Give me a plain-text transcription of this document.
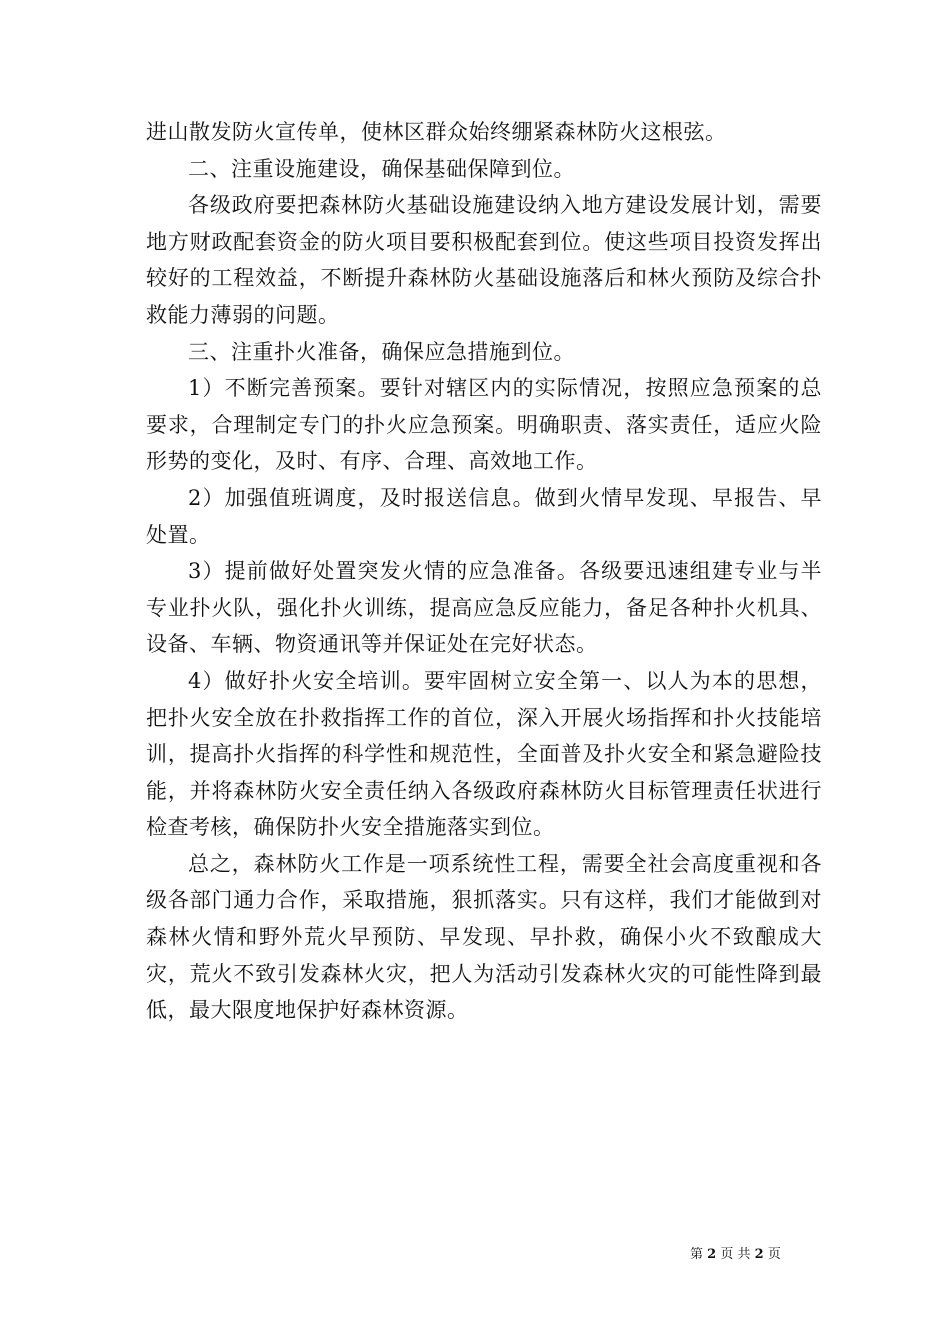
进山散发防火宣传单，使林区群众始终绷紧森林防火这根弦。

二、注重设施建设，确保基础保障到位。

各级政府要把森林防火基础设施建设纳入地方建设发展计划，需要地方财政配套资金的防火项目要积极配套到位。使这些项目投资发挥出较好的工程效益，不断提升森林防火基础设施落后和林火预防及综合扑救能力薄弱的问题。

三、注重扑火准备，确保应急措施到位。

1）不断完善预案。要针对辖区内的实际情况，按照应急预案的总要求，合理制定专门的扑火应急预案。明确职责、落实责任，适应火险形势的变化，及时、有序、合理、高效地工作。

2）加强值班调度，及时报送信息。做到火情早发现、早报告、早处置。

3）提前做好处置突发火情的应急准备。各级要迅速组建专业与半专业扑火队，强化扑火训练，提高应急反应能力，备足各种扑火机具、设备、车辆、物资通讯等并保证处在完好状态。

4）做好扑火安全培训。要牢固树立安全第一、以人为本的思想，把扑火安全放在扑救指挥工作的首位，深入开展火场指挥和扑火技能培训，提高扑火指挥的科学性和规范性，全面普及扑火安全和紧急避险技能，并将森林防火安全责任纳入各级政府森林防火目标管理责任状进行检查考核，确保防扑火安全措施落实到位。

总之，森林防火工作是一项系统性工程，需要全社会高度重视和各级各部门通力合作，采取措施，狠抓落实。只有这样，我们才能做到对森林火情和野外荒火早预防、早发现、早扑救，确保小火不致酿成大灾，荒火不致引发森林火灾，把人为活动引发森林火灾的可能性降到最低，最大限度地保护好森林资源。

第 2 页 共 2 页
